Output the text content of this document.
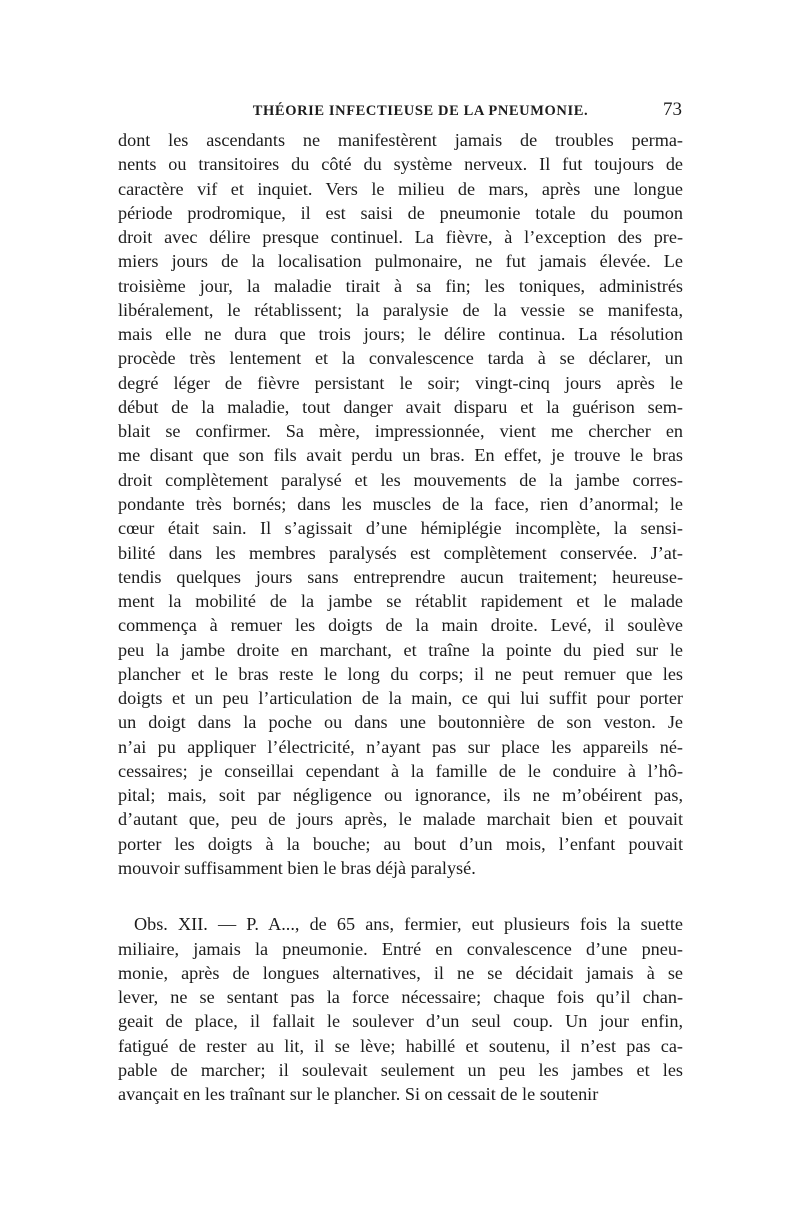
THÉORIE INFECTIEUSE DE LA PNEUMONIE.	73
dont les ascendants ne manifestèrent jamais de troubles perma-
nents ou transitoires du côté du système nerveux. Il fut toujours de
caractère vif et inquiet. Vers le milieu de mars, après une longue
période prodromique, il est saisi de pneumonie totale du poumon
droit avec délire presque continuel. La fièvre, à l’exception des pre-
miers jours de la localisation pulmonaire, ne fut jamais élevée. Le
troisième jour, la maladie tirait à sa fin; les toniques, administrés
libéralement, le rétablissent; la paralysie de la vessie se manifesta,
mais elle ne dura que trois jours; le délire continua. La résolution
procède très lentement et la convalescence tarda à se déclarer, un
degré léger de fièvre persistant le soir; vingt-cinq jours après le
début de la maladie, tout danger avait disparu et la guérison sem-
blait se confirmer. Sa mère, impressionnée, vient me chercher en
me disant que son fils avait perdu un bras. En effet, je trouve le bras
droit complètement paralysé et les mouvements de la jambe corres-
pondante très bornés; dans les muscles de la face, rien d’anormal; le
cœur était sain. Il s’agissait d’une hémiplégie incomplète, la sensi-
bilité dans les membres paralysés est complètement conservée. J’at-
tendis quelques jours sans entreprendre aucun traitement; heureuse-
ment la mobilité de la jambe se rétablit rapidement et le malade
commença à remuer les doigts de la main droite. Levé, il soulève
peu la jambe droite en marchant, et traîne la pointe du pied sur le
plancher et le bras reste le long du corps; il ne peut remuer que les
doigts et un peu l’articulation de la main, ce qui lui suffit pour porter
un doigt dans la poche ou dans une boutonnière de son veston. Je
n’ai pu appliquer l’électricité, n’ayant pas sur place les appareils né-
cessaires; je conseillai cependant à la famille de le conduire à l’hô-
pital; mais, soit par négligence ou ignorance, ils ne m’obéirent pas,
d’autant que, peu de jours après, le malade marchait bien et pouvait
porter les doigts à la bouche; au bout d’un mois, l’enfant pouvait
mouvoir suffisamment bien le bras déjà paralysé.
Obs. XII. — P. A..., de 65 ans, fermier, eut plusieurs fois la suette
miliaire, jamais la pneumonie. Entré en convalescence d’une pneu-
monie, après de longues alternatives, il ne se décidait jamais à se
lever, ne se sentant pas la force nécessaire; chaque fois qu’il chan-
geait de place, il fallait le soulever d’un seul coup. Un jour enfin,
fatigué de rester au lit, il se lève; habillé et soutenu, il n’est pas ca-
pable de marcher; il soulevait seulement un peu les jambes et les
avançait en les traînant sur le plancher. Si on cessait de le soutenir
